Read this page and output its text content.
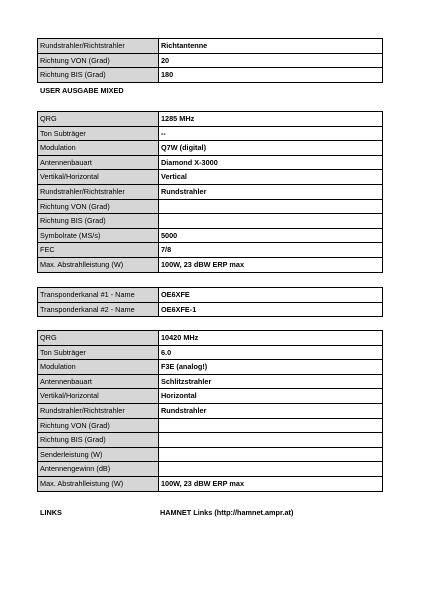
Rundstrahler/Richtstrahler	Richtantenne
Richtung VON (Grad)	20
Richtung BIS (Grad)	180
USER AUSGABE MIXED
QRG	1285 MHz
Ton Subträger	--
Modulation	Q7W (digital)
Antennenbauart	Diamond X-3000
Vertikal/Horizontal	Vertical
Rundstrahler/Richtstrahler	Rundstrahler
Richtung VON (Grad)	
Richtung BIS (Grad)	
Symbolrate (MS/s)	5000
FEC	7/8
Max. Abstrahlleistung (W)	100W, 23 dBW ERP max
Transponderkanal #1 - Name	OE6XFE
Transponderkanal #2 - Name	OE6XFE-1
QRG	10420 MHz
Ton Subträger	6.0
Modulation	F3E (analog!)
Antennenbauart	Schlitzstrahler
Vertikal/Horizontal	Horizontal
Rundstrahler/Richtstrahler	Rundstrahler
Richtung VON (Grad)	
Richtung BIS (Grad)	
Senderleistung (W)	
Antennengewinn (dB)	
Max. Abstrahlleistung (W)	100W, 23 dBW ERP max
LINKS	HAMNET Links (http://hamnet.ampr.at)
